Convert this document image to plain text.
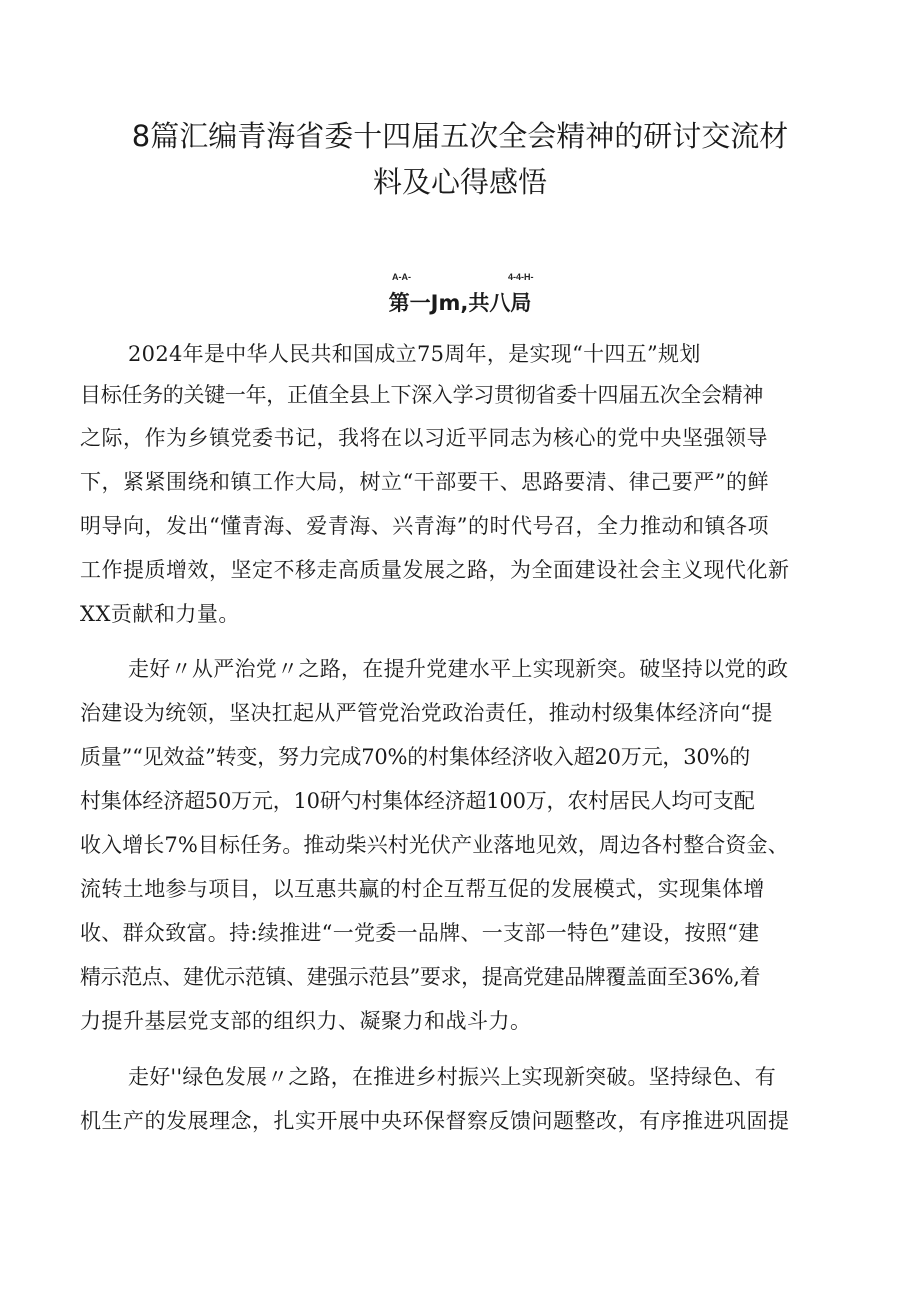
8篇汇编青海省委十四届五次全会精神的研讨交流材
料及心得感悟
A-A-	4-4-H-
第一Jm,共八局

2024年是中华人民共和国成立75周年，是实现“十四五”规划

目标任务的关键一年，正值全县上下深入学习贯彻省委十四届五次全会精神

之际，作为乡镇党委书记，我将在以习近平同志为核心的党中央坚强领导

下，紧紧围绕和镇工作大局，树立“干部要干、思路要清、律己要严”的鲜

明导向，发出“懂青海、爱青海、兴青海”的时代号召，全力推动和镇各项

工作提质增效，坚定不移走高质量发展之路，为全面建设社会主义现代化新

XX贡献和力量。

走好〃从严治党〃之路，在提升党建水平上实现新突。破坚持以党的政

治建设为统领，坚决扛起从严管党治党政治责任，推动村级集体经济向“提

质量”“见效益”转变，努力完成70%的村集体经济收入超20万元，30%的

村集体经济超50万元，10研勺村集体经济超100万，农村居民人均可支配

收入增长7%目标任务。推动柴兴村光伏产业落地见效，周边各村整合资金、

流转土地参与项目，以互惠共赢的村企互帮互促的发展模式，实现集体增

收、群众致富。持:续推进“一党委一品牌、一支部一特色”建设，按照“建

精示范点、建优示范镇、建强示范县”要求，提高党建品牌覆盖面至36%,着

力提升基层党支部的组织力、凝聚力和战斗力。

走好''绿色发展〃之路，在推进乡村振兴上实现新突破。坚持绿色、有

机生产的发展理念，扎实开展中央环保督察反馈问题整改，有序推进巩固提
